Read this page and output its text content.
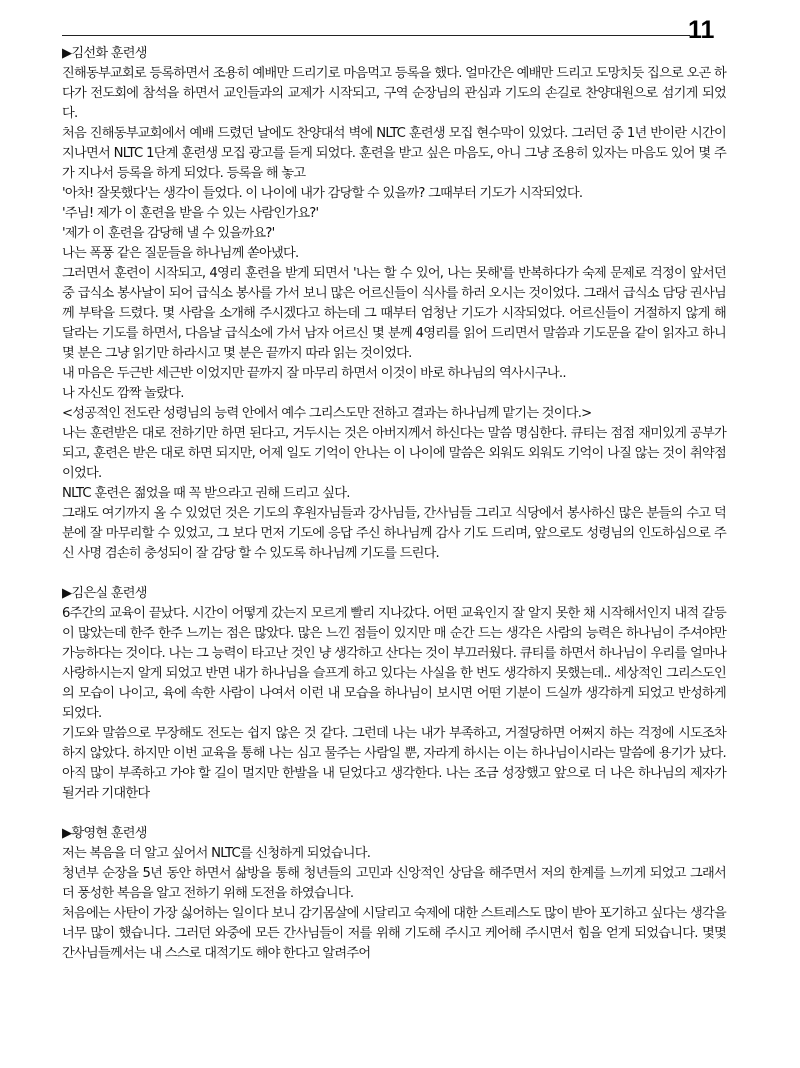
11
▶김선화 훈련생

진해동부교회로 등록하면서 조용히 예배만 드리기로 마음먹고 등록을 했다. 얼마간은 예배만 드리고 도망치듯 집으로 오곤 하다가 전도회에 참석을 하면서 교인들과의 교제가 시작되고, 구역 순장님의 관심과 기도의 손길로 찬양대원으로 섬기게 되었다.

처음 진해동부교회에서 예배 드렸던 날에도 찬양대석 벽에 NLTC 훈련생 모집 현수막이 있었다. 그러던 중 1년 반이란 시간이 지나면서 NLTC 1단계 훈련생 모집 광고를 듣게 되었다. 훈련을 받고 싶은 마음도, 아니 그냥 조용히 있자는 마음도 있어 몇 주가 지나서 등록을 하게 되었다. 등록을 해 놓고

'아차! 잘못했다'는 생각이 들었다. 이 나이에 내가 감당할 수 있을까? 그때부터 기도가 시작되었다.

'주님! 제가 이 훈련을 받을 수 있는 사람인가요?'

'제가 이 훈련을 감당해 낼 수 있을까요?'

나는 폭풍 같은 질문들을 하나님께 쏟아냈다.

그러면서 훈련이 시작되고, 4영리 훈련을 받게 되면서 '나는 할 수 있어, 나는 못해'를 반복하다가 숙제 문제로 걱정이 앞서던 중 급식소 봉사날이 되어 급식소 봉사를 가서 보니 많은 어르신들이 식사를 하러 오시는 것이었다. 그래서 급식소 담당 권사님께 부탁을 드렸다. 몇 사람을 소개해 주시겠다고 하는데 그 때부터 엄청난 기도가 시작되었다. 어르신들이 거절하지 않게 해 달라는 기도를 하면서, 다음날 급식소에 가서 남자 어르신 몇 분께 4영리를 읽어 드리면서 말씀과 기도문을 같이 읽자고 하니 몇 분은 그냥 읽기만 하라시고 몇 분은 끝까지 따라 읽는 것이었다.

내 마음은 두근반 세근반 이었지만 끝까지 잘 마무리 하면서 이것이 바로 하나님의 역사시구나..

나 자신도 깜짝 놀랐다.

<성공적인 전도란 성령님의 능력 안에서 예수 그리스도만 전하고 결과는 하나님께 맡기는 것이다.>

나는 훈련받은 대로 전하기만 하면 된다고, 거두시는 것은 아버지께서 하신다는 말씀 명심한다. 큐티는 점점 재미있게 공부가 되고, 훈련은 받은 대로 하면 되지만, 어제 일도 기억이 안나는 이 나이에 말씀은 외워도 외워도 기억이 나질 않는 것이 취약점이었다.

NLTC 훈련은 젊었을 때 꼭 받으라고 권해 드리고 싶다.

그래도 여기까지 올 수 있었던 것은 기도의 후원자님들과 강사님들, 간사님들 그리고 식당에서 봉사하신 많은 분들의 수고 덕분에 잘 마무리할 수 있었고, 그 보다 먼저 기도에 응답 주신 하나님께 감사 기도 드리며, 앞으로도 성령님의 인도하심으로 주신 사명 겸손히 충성되이 잘 감당 할 수 있도록 하나님께 기도를 드린다.

▶김은실 훈련생

6주간의 교육이 끝났다. 시간이 어떻게 갔는지 모르게 빨리 지나갔다. 어떤 교육인지 잘 알지 못한 채 시작해서인지 내적 갈등이 많았는데 한주 한주 느끼는 점은 많았다. 많은 느낀 점들이 있지만 매 순간 드는 생각은 사람의 능력은 하나님이 주셔야만 가능하다는 것이다. 나는 그 능력이 타고난 것인 냥 생각하고 산다는 것이 부끄러웠다. 큐티를 하면서 하나님이 우리를 얼마나 사랑하시는지 알게 되었고 반면 내가 하나님을 슬프게 하고 있다는 사실을 한 번도 생각하지 못했는데.. 세상적인 그리스도인의 모습이 나이고, 육에 속한 사람이 나여서 이런 내 모습을 하나님이 보시면 어떤 기분이 드실까 생각하게 되었고 반성하게 되었다.

기도와 말씀으로 무장해도 전도는 쉽지 않은 것 같다. 그런데 나는 내가 부족하고, 거절당하면 어쩌지 하는 걱정에 시도조차 하지 않았다. 하지만 이번 교육을 통해 나는 심고 물주는 사람일 뿐, 자라게 하시는 이는 하나님이시라는 말씀에 용기가 났다. 아직 많이 부족하고 가야 할 길이 멀지만 한발을 내 딛었다고 생각한다. 나는 조금 성장했고 앞으로 더 나은 하나님의 제자가 될거라 기대한다

▶황영현 훈련생

저는 복음을 더 알고 싶어서 NLTC를 신청하게 되었습니다.

청년부 순장을 5년 동안 하면서 삶방을 통해 청년들의 고민과 신앙적인 상담을 해주면서 저의 한계를 느끼게 되었고 그래서 더 풍성한 복음을 알고 전하기 위해 도전을 하였습니다.

처음에는 사탄이 가장 싫어하는 일이다 보니 감기몸살에 시달리고 숙제에 대한 스트레스도 많이 받아 포기하고 싶다는 생각을 너무 많이 했습니다. 그러던 와중에 모든 간사님들이 저를 위해 기도해 주시고 케어해 주시면서 힘을 얻게 되었습니다. 몇몇 간사님들께서는 내 스스로 대적기도 해야 한다고 알려주어
